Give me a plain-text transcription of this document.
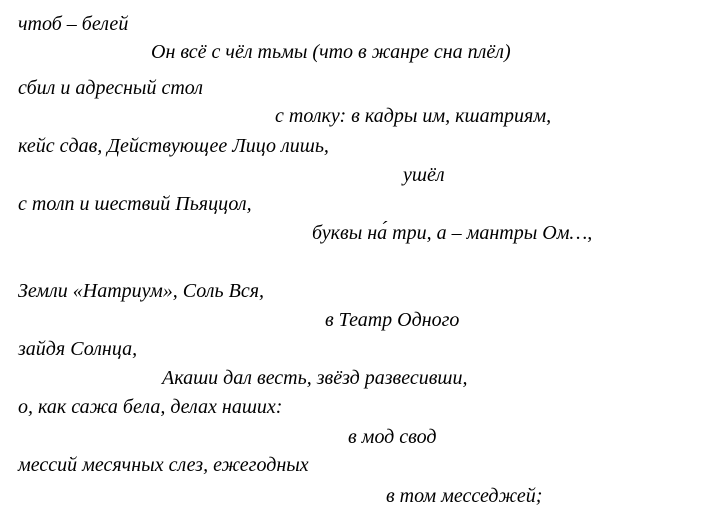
чтоб – белей
Он всё с чёл тьмы (что в жанре сна плёл)
сбил и адресный стол
с толку: в кадры им, кшатриям,
кейс сдав, Действующее Лицо лишь,
ушёл
с толп и шествий Пьяццол,
буквы на́ три, а – мантры Ом…,
Земли «Натриум», Соль Вся,
в Театр Одного
зайдя Солнца,
Акаши дал весть, звёзд развесивши,
о, как сажа бела, делах наших:
в мод свод
мессий месячных слез, ежегодных
в том месседжей;
